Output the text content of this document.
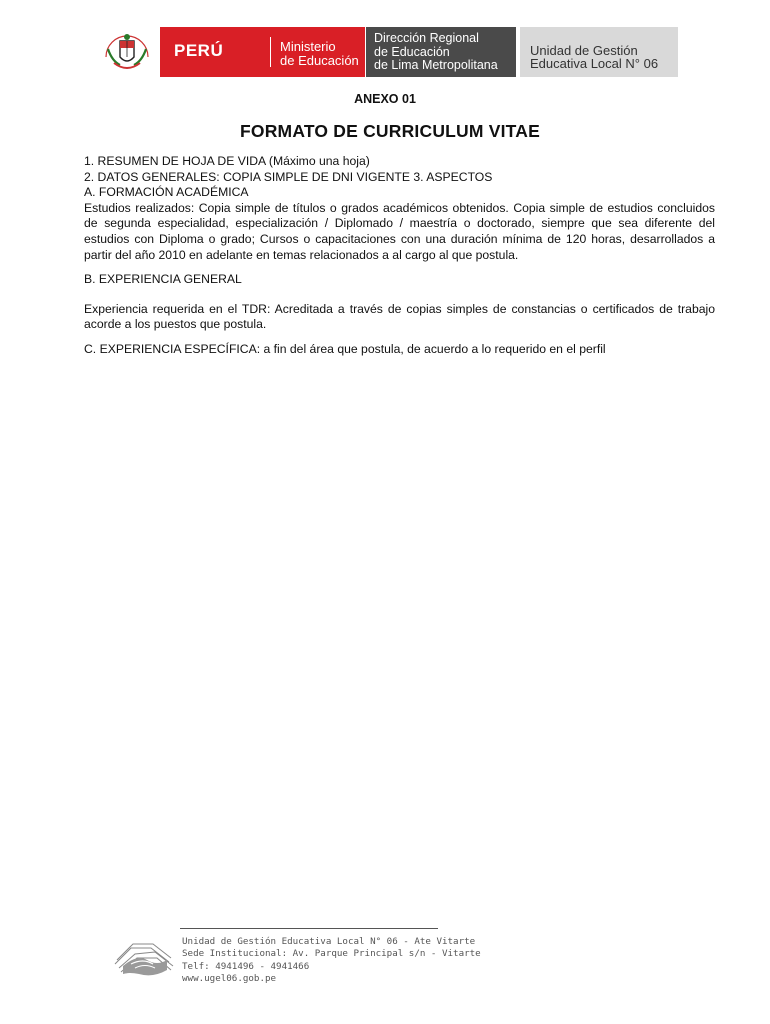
PERÚ	Ministerio
de Educación
Dirección Regional
de Educación
de Lima Metropolitana
Unidad de Gestión
Educativa Local N° 06
ANEXO 01
FORMATO DE CURRICULUM VITAE

1. RESUMEN DE HOJA DE VIDA (Máximo una hoja)

2. DATOS GENERALES: COPIA SIMPLE DE DNI VIGENTE 3. ASPECTOS

A. FORMACIÓN ACADÉMICA

Estudios realizados: Copia simple de títulos o grados académicos obtenidos. Copia simple de estudios concluidos de segunda especialidad, especialización / Diplomado / maestría o doctorado, siempre que sea diferente del estudios con Diploma o grado; Cursos o capacitaciones con una duración mínima de 120 horas, desarrollados a partir del año 2010 en adelante en temas relacionados a al cargo al que postula.

B. EXPERIENCIA GENERAL

Experiencia requerida en el TDR: Acreditada a través de copias simples de constancias o certificados de trabajo acorde a los puestos que postula.

C. EXPERIENCIA ESPECÍFICA: a fin del área que postula, de acuerdo a lo requerido en el perfil

Unidad de Gestión Educativa Local N° 06 - Ate Vitarte
Sede Institucional: Av. Parque Principal s/n - Vitarte
Telf: 4941496 - 4941466
www.ugel06.gob.pe
